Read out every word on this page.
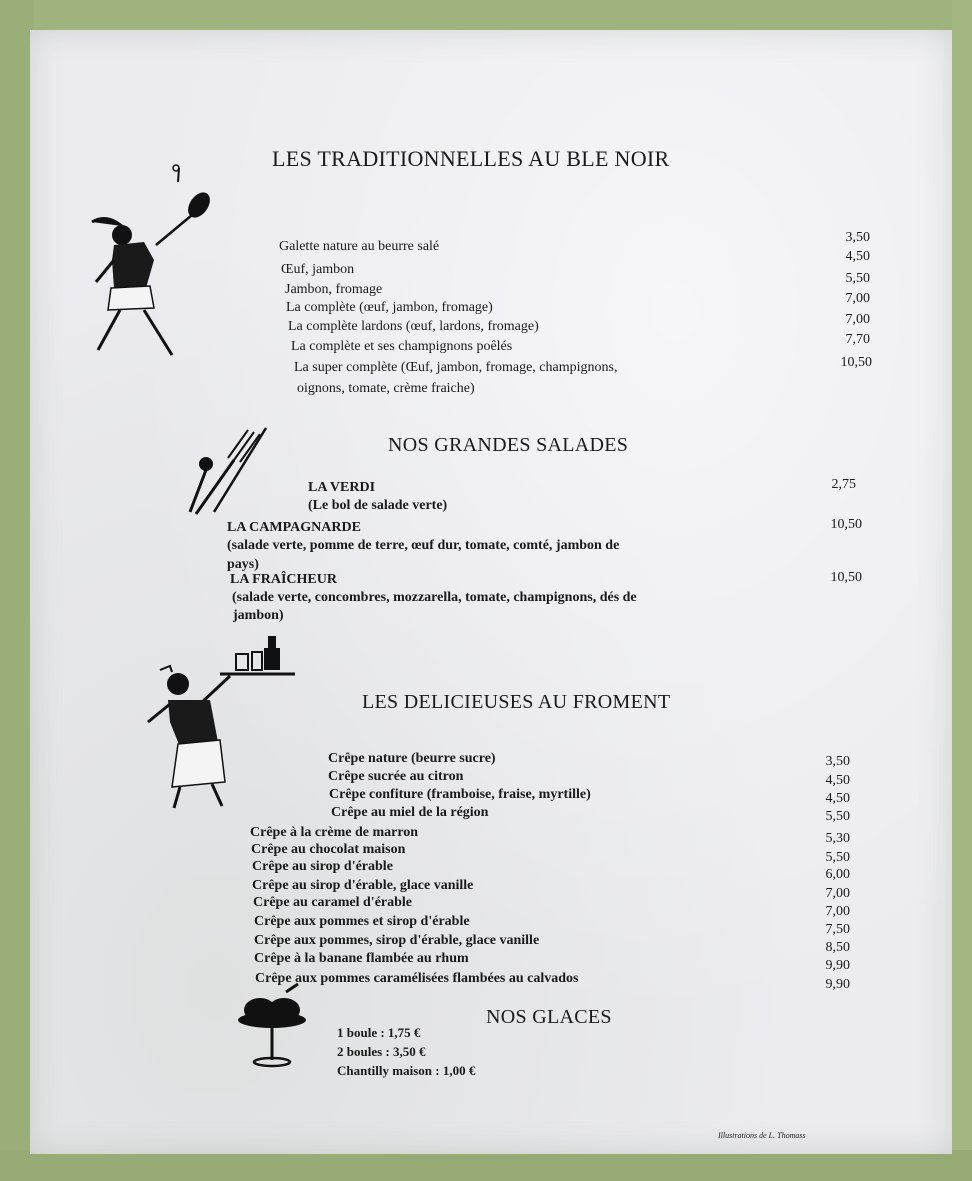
LES TRADITIONNELLES AU BLE NOIR
Galette nature au beurre salé
3,50
Œuf, jambon
4,50
Jambon, fromage
5,50
La complète (œuf, jambon, fromage)
7,00
La complète lardons (œuf, lardons, fromage)	7,00
La complète et ses champignons poêlés	7,70
La super complète (Œuf, jambon, fromage, champignons,
oignons, tomate, crème fraiche)
10,50
NOS GRANDES SALADES
LA VERDI
(Le bol de salade verte)
2,75
LA CAMPAGNARDE
(salade verte, pomme de terre, œuf dur, tomate, comté, jambon de
pays)
10,50
LA FRAÎCHEUR
(salade verte, concombres, mozzarella, tomate, champignons, dés de
jambon)
10,50
LES DELICIEUSES AU FROMENT
Crêpe nature (beurre sucre)	3,50
Crêpe sucrée au citron	4,50
Crêpe confiture (framboise, fraise, myrtille)	4,50
Crêpe au miel de la région	5,50
Crêpe à la crème de marron	5,30
Crêpe au chocolat maison
5,50
Crêpe au sirop d'érable
6,00
Crêpe au sirop d'érable, glace vanille
7,00
Crêpe au caramel d'érable
7,00
Crêpe aux pommes et sirop d'érable
7,50
Crêpe aux pommes, sirop d'érable, glace vanille	8,50
Crêpe à la banane flambée au rhum	9,90
Crêpe aux pommes caramélisées flambées au calvados	9,90
NOS GLACES
1 boule : 1,75 €
2 boules : 3,50 €
Chantilly maison : 1,00 €
Illustrations de L. Thomass
